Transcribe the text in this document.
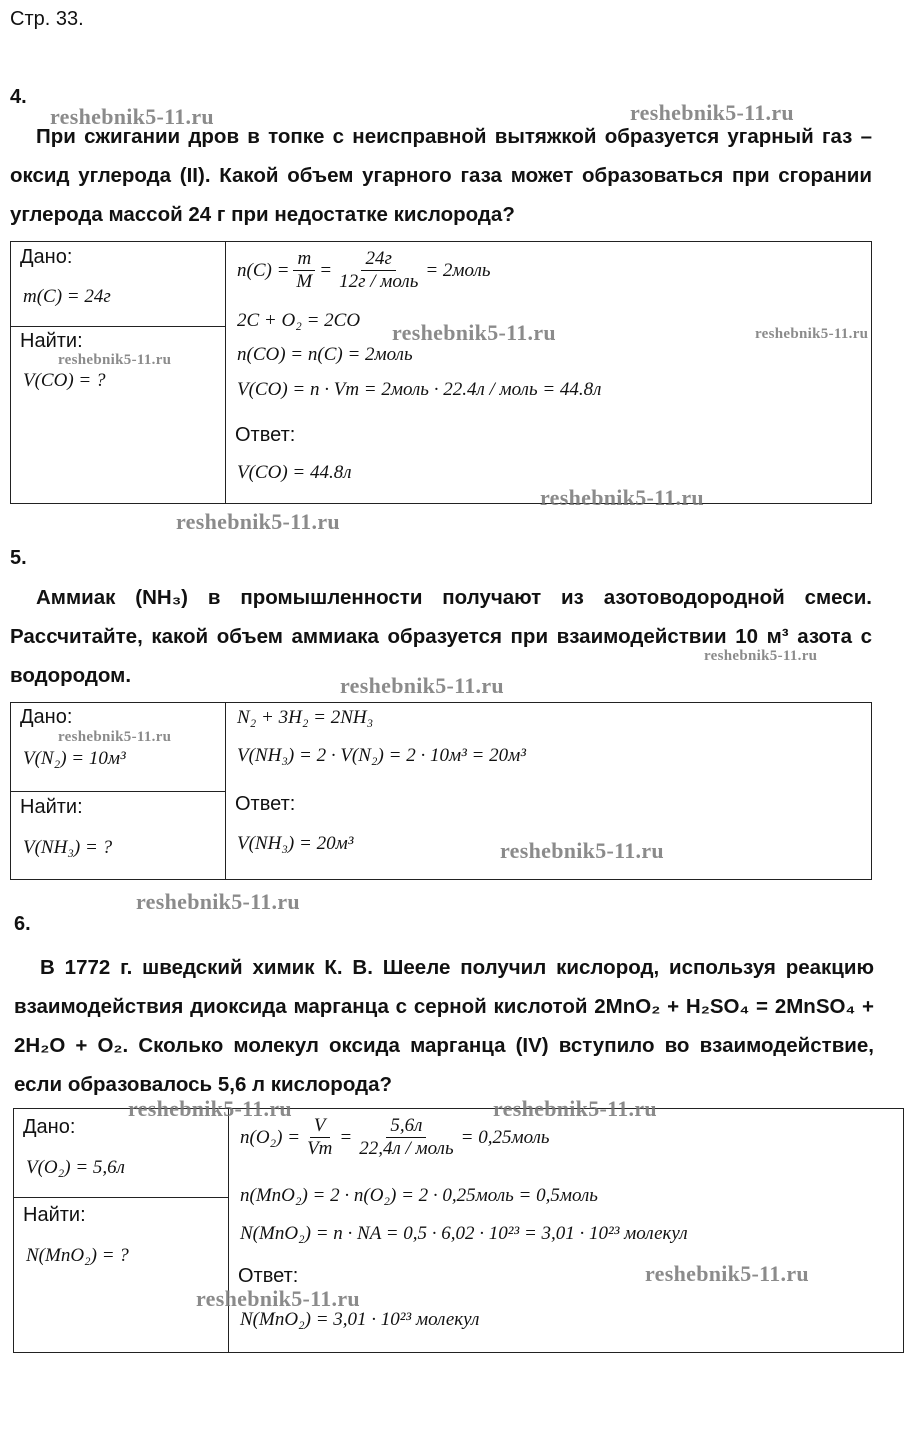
Стр. 33.
4.
При сжигании дров в топке с неисправной вытяжкой образуется угарный газ – оксид углерода (II). Какой объем угарного газа может образоваться при сгорании углерода массой 24 г при недостатке кислорода?
Дано:
m(C) = 24г
Найти:
V(CO) = ?
$n(C) = \frac{m}{M} = \frac{24г}{\text{12г / моль}}$ = 2моль
2C + O₂ = 2CO
n(CO) = n(C) = 2моль
V(CO) = n · Vm = 2моль · 22.4л / моль = 44.8л
Ответ:
V(CO) = 44.8л
5.
Аммиак (NH₃) в промышленности получают из азотоводородной смеси. Рассчитайте, какой объем аммиака образуется при взаимодействии 10 м³ азота с водородом.
Дано:
V(N₂) = 10м³
Найти:
V(NH₃) = ?
N₂ + 3H₂ = 2NH₃
V(NH₃) = 2 · V(N₂) = 2 · 10м³ = 20м³
Ответ:
V(NH₃) = 20м³
6.
В 1772 г. шведский химик К. В. Шееле получил кислород, используя реакцию взаимодействия диоксида марганца с серной кислотой 2MnO₂ + H₂SO₄ = 2MnSO₄ + 2H₂O + O₂. Сколько молекул оксида марганца (IV) вступило во взаимодействие, если образовалось 5,6 л кислорода?
Дано:
V(O₂) = 5,6л
Найти:
N(MnO₂) = ?
$n(O_2) = \frac{V}{Vm} = \frac{5,6л}{\text{22,4л / моль}}$ = 0,25моль
n(MnO₂) = 2 · n(O₂) = 2 · 0,25моль = 0,5моль
N(MnO₂) = n · NA = 0,5 · 6,02 · 10²³ = 3,01 · 10²³ молекул
Ответ:
N(MnO₂) = 3,01 · 10²³ молекул
reshebnik5-11.ru	reshebnik5-11.ru
reshebnik5-11.ru	reshebnik5-11.ru
reshebnik5-11.ru
reshebnik5-11.ru
reshebnik5-11.ru
reshebnik5-11.ru
reshebnik5-11.ru
reshebnik5-11.ru
reshebnik5-11.ru
reshebnik5-11.ru
reshebnik5-11.ru	reshebnik5-11.ru
reshebnik5-11.ru
reshebnik5-11.ru
